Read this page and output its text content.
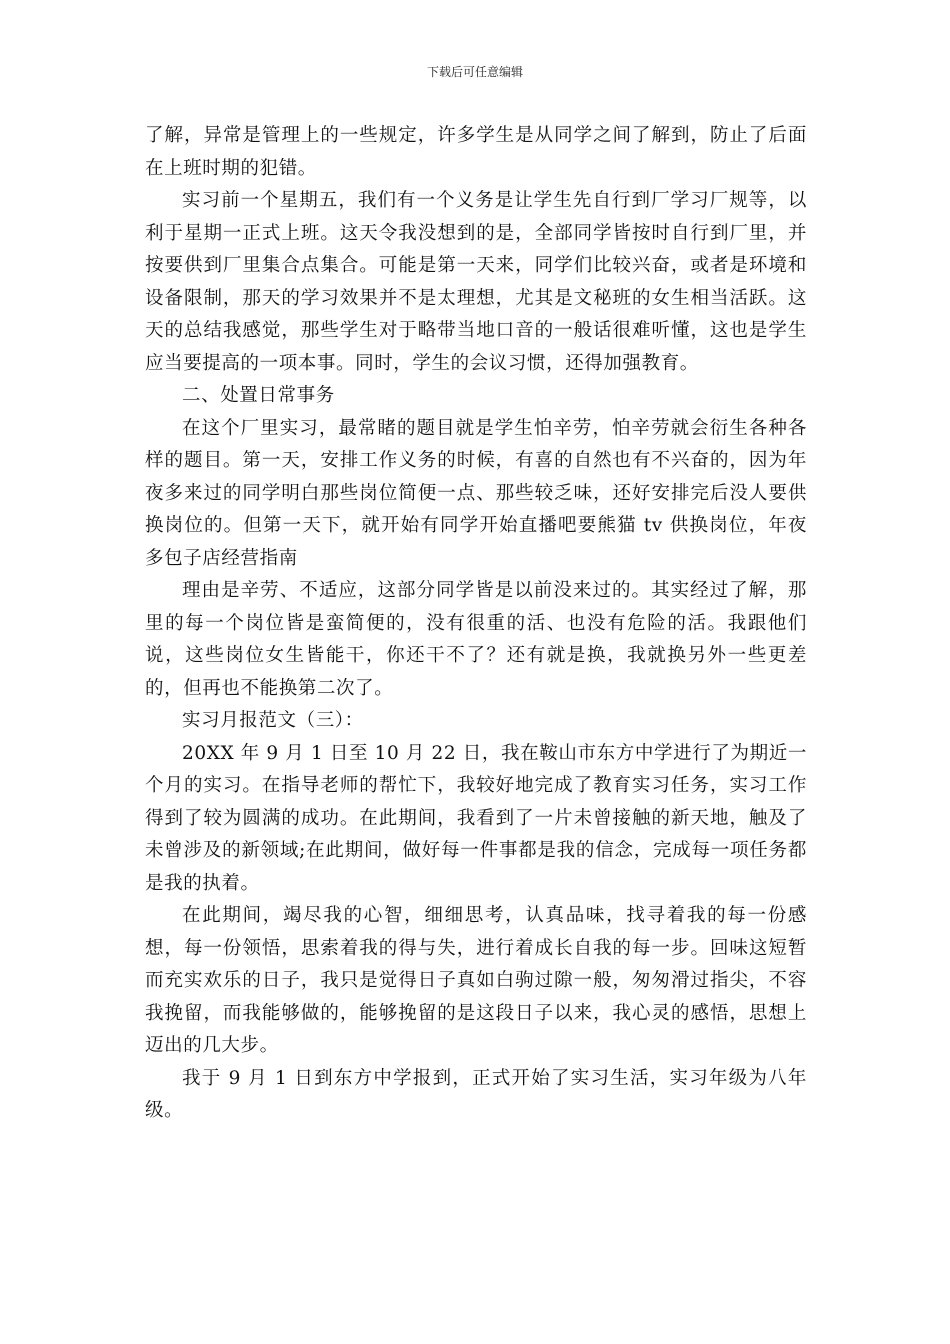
下载后可任意编辑

了解，异常是管理上的一些规定，许多学生是从同学之间了解到，防止了后面在上班时期的犯错。

实习前一个星期五，我们有一个义务是让学生先自行到厂学习厂规等，以利于星期一正式上班。这天令我没想到的是，全部同学皆按时自行到厂里，并按要供到厂里集合点集合。可能是第一天来，同学们比较兴奋，或者是环境和设备限制，那天的学习效果并不是太理想，尤其是文秘班的女生相当活跃。这天的总结我感觉，那些学生对于略带当地口音的一般话很难听懂，这也是学生应当要提高的一项本事。同时，学生的会议习惯，还得加强教育。

二、处置日常事务

在这个厂里实习，最常睹的题目就是学生怕辛劳，怕辛劳就会衍生各种各样的题目。第一天，安排工作义务的时候，有喜的自然也有不兴奋的，因为年夜多来过的同学明白那些岗位简便一点、那些较乏味，还好安排完后没人要供换岗位的。但第一天下，就开始有同学开始直播吧要熊猫 tv 供换岗位，年夜多包子店经营指南

理由是辛劳、不适应，这部分同学皆是以前没来过的。其实经过了解，那里的每一个岗位皆是蛮简便的，没有很重的活、也没有危险的活。我跟他们说，这些岗位女生皆能干，你还干不了？还有就是换，我就换另外一些更差的，但再也不能换第二次了。

实习月报范文（三）：

20XX 年 9 月 1 日至 10 月 22 日，我在鞍山市东方中学进行了为期近一个月的实习。在指导老师的帮忙下，我较好地完成了教育实习任务，实习工作得到了较为圆满的成功。在此期间，我看到了一片未曾接触的新天地，触及了未曾涉及的新领域;在此期间，做好每一件事都是我的信念，完成每一项任务都是我的执着。

在此期间，竭尽我的心智，细细思考，认真品味，找寻着我的每一份感想，每一份领悟，思索着我的得与失，进行着成长自我的每一步。回味这短暂而充实欢乐的日子，我只是觉得日子真如白驹过隙一般，匆匆滑过指尖，不容我挽留，而我能够做的，能够挽留的是这段日子以来，我心灵的感悟，思想上迈出的几大步。

我于 9 月 1 日到东方中学报到，正式开始了实习生活，实习年级为八年级。
